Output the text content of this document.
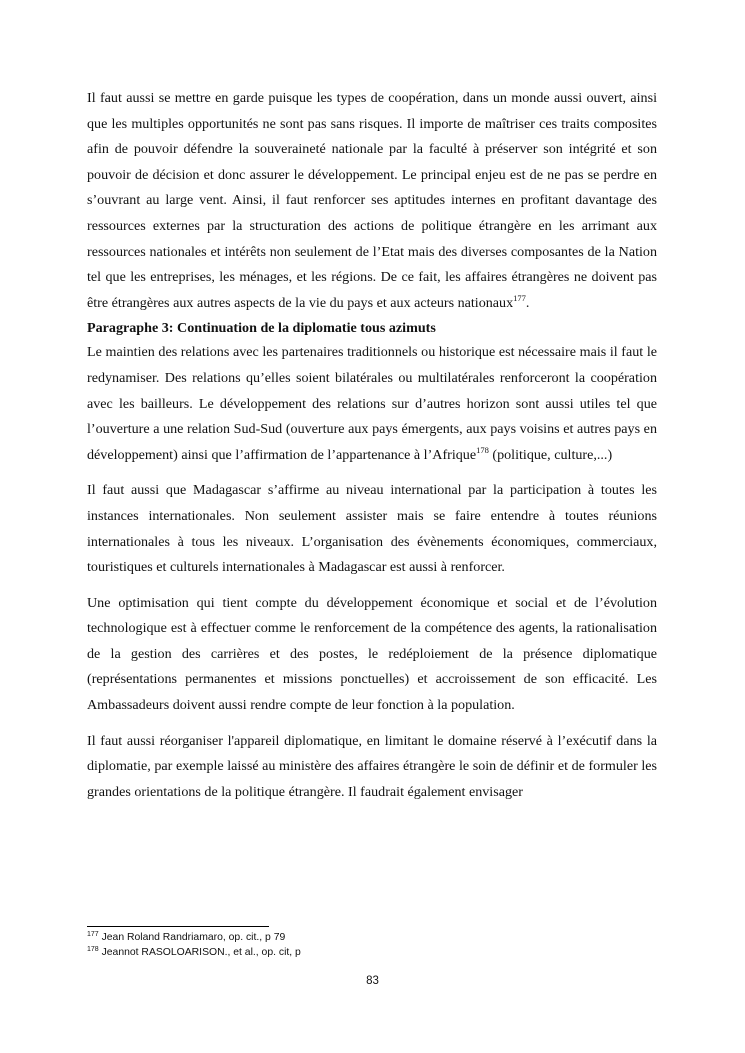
Il faut aussi se mettre en garde puisque les types de coopération, dans un monde aussi ouvert, ainsi que les multiples opportunités ne sont pas sans risques. Il importe de maîtriser ces traits composites afin de pouvoir défendre la souveraineté nationale par la faculté à préserver son intégrité et son pouvoir de décision et donc assurer le développement. Le principal enjeu est de ne pas se perdre en s’ouvrant au large vent. Ainsi, il faut renforcer ses aptitudes internes en profitant davantage des ressources externes par la structuration des actions de politique étrangère en les arrimant aux ressources nationales et intérêts non seulement de l’Etat mais des diverses composantes de la Nation tel que les entreprises, les ménages, et les régions. De ce fait, les affaires étrangères ne doivent pas être étrangères aux autres aspects de la vie du pays et aux acteurs nationaux$^{177}$.

Paragraphe 3: Continuation de la diplomatie tous azimuts

Le maintien des relations avec les partenaires traditionnels ou historique est nécessaire mais il faut le redynamiser. Des relations qu’elles soient bilatérales ou multilatérales renforceront la coopération avec les bailleurs. Le développement des relations sur d’autres horizon sont aussi utiles tel que l’ouverture a une relation Sud-Sud (ouverture aux pays émergents, aux pays voisins et autres pays en développement) ainsi que l’affirmation de l’appartenance à l’Afrique$^{178}$ (politique, culture,...)

Il faut aussi que Madagascar s’affirme au niveau international par la participation à toutes les instances internationales. Non seulement assister mais se faire entendre à toutes réunions internationales à tous les niveaux. L’organisation des évènements économiques, commerciaux, touristiques et culturels internationales à Madagascar est aussi à renforcer.

Une optimisation qui tient compte du développement économique et social et de l’évolution technologique est à effectuer comme le renforcement de la compétence des agents, la rationalisation de la gestion des carrières et des postes, le redéploiement de la présence diplomatique (représentations permanentes et missions ponctuelles) et accroissement de son efficacité. Les Ambassadeurs doivent aussi rendre compte de leur fonction à la population.

Il faut aussi réorganiser l'appareil diplomatique, en limitant le domaine réservé à l’exécutif dans la diplomatie, par exemple laissé au ministère des affaires étrangère le soin de définir et de formuler les grandes orientations de la politique étrangère. Il faudrait également envisager

$^{177}$ Jean Roland Randriamaro, op. cit., p 79
$^{178}$ Jeannot RASOLOARISON., et al., op. cit, p
83
